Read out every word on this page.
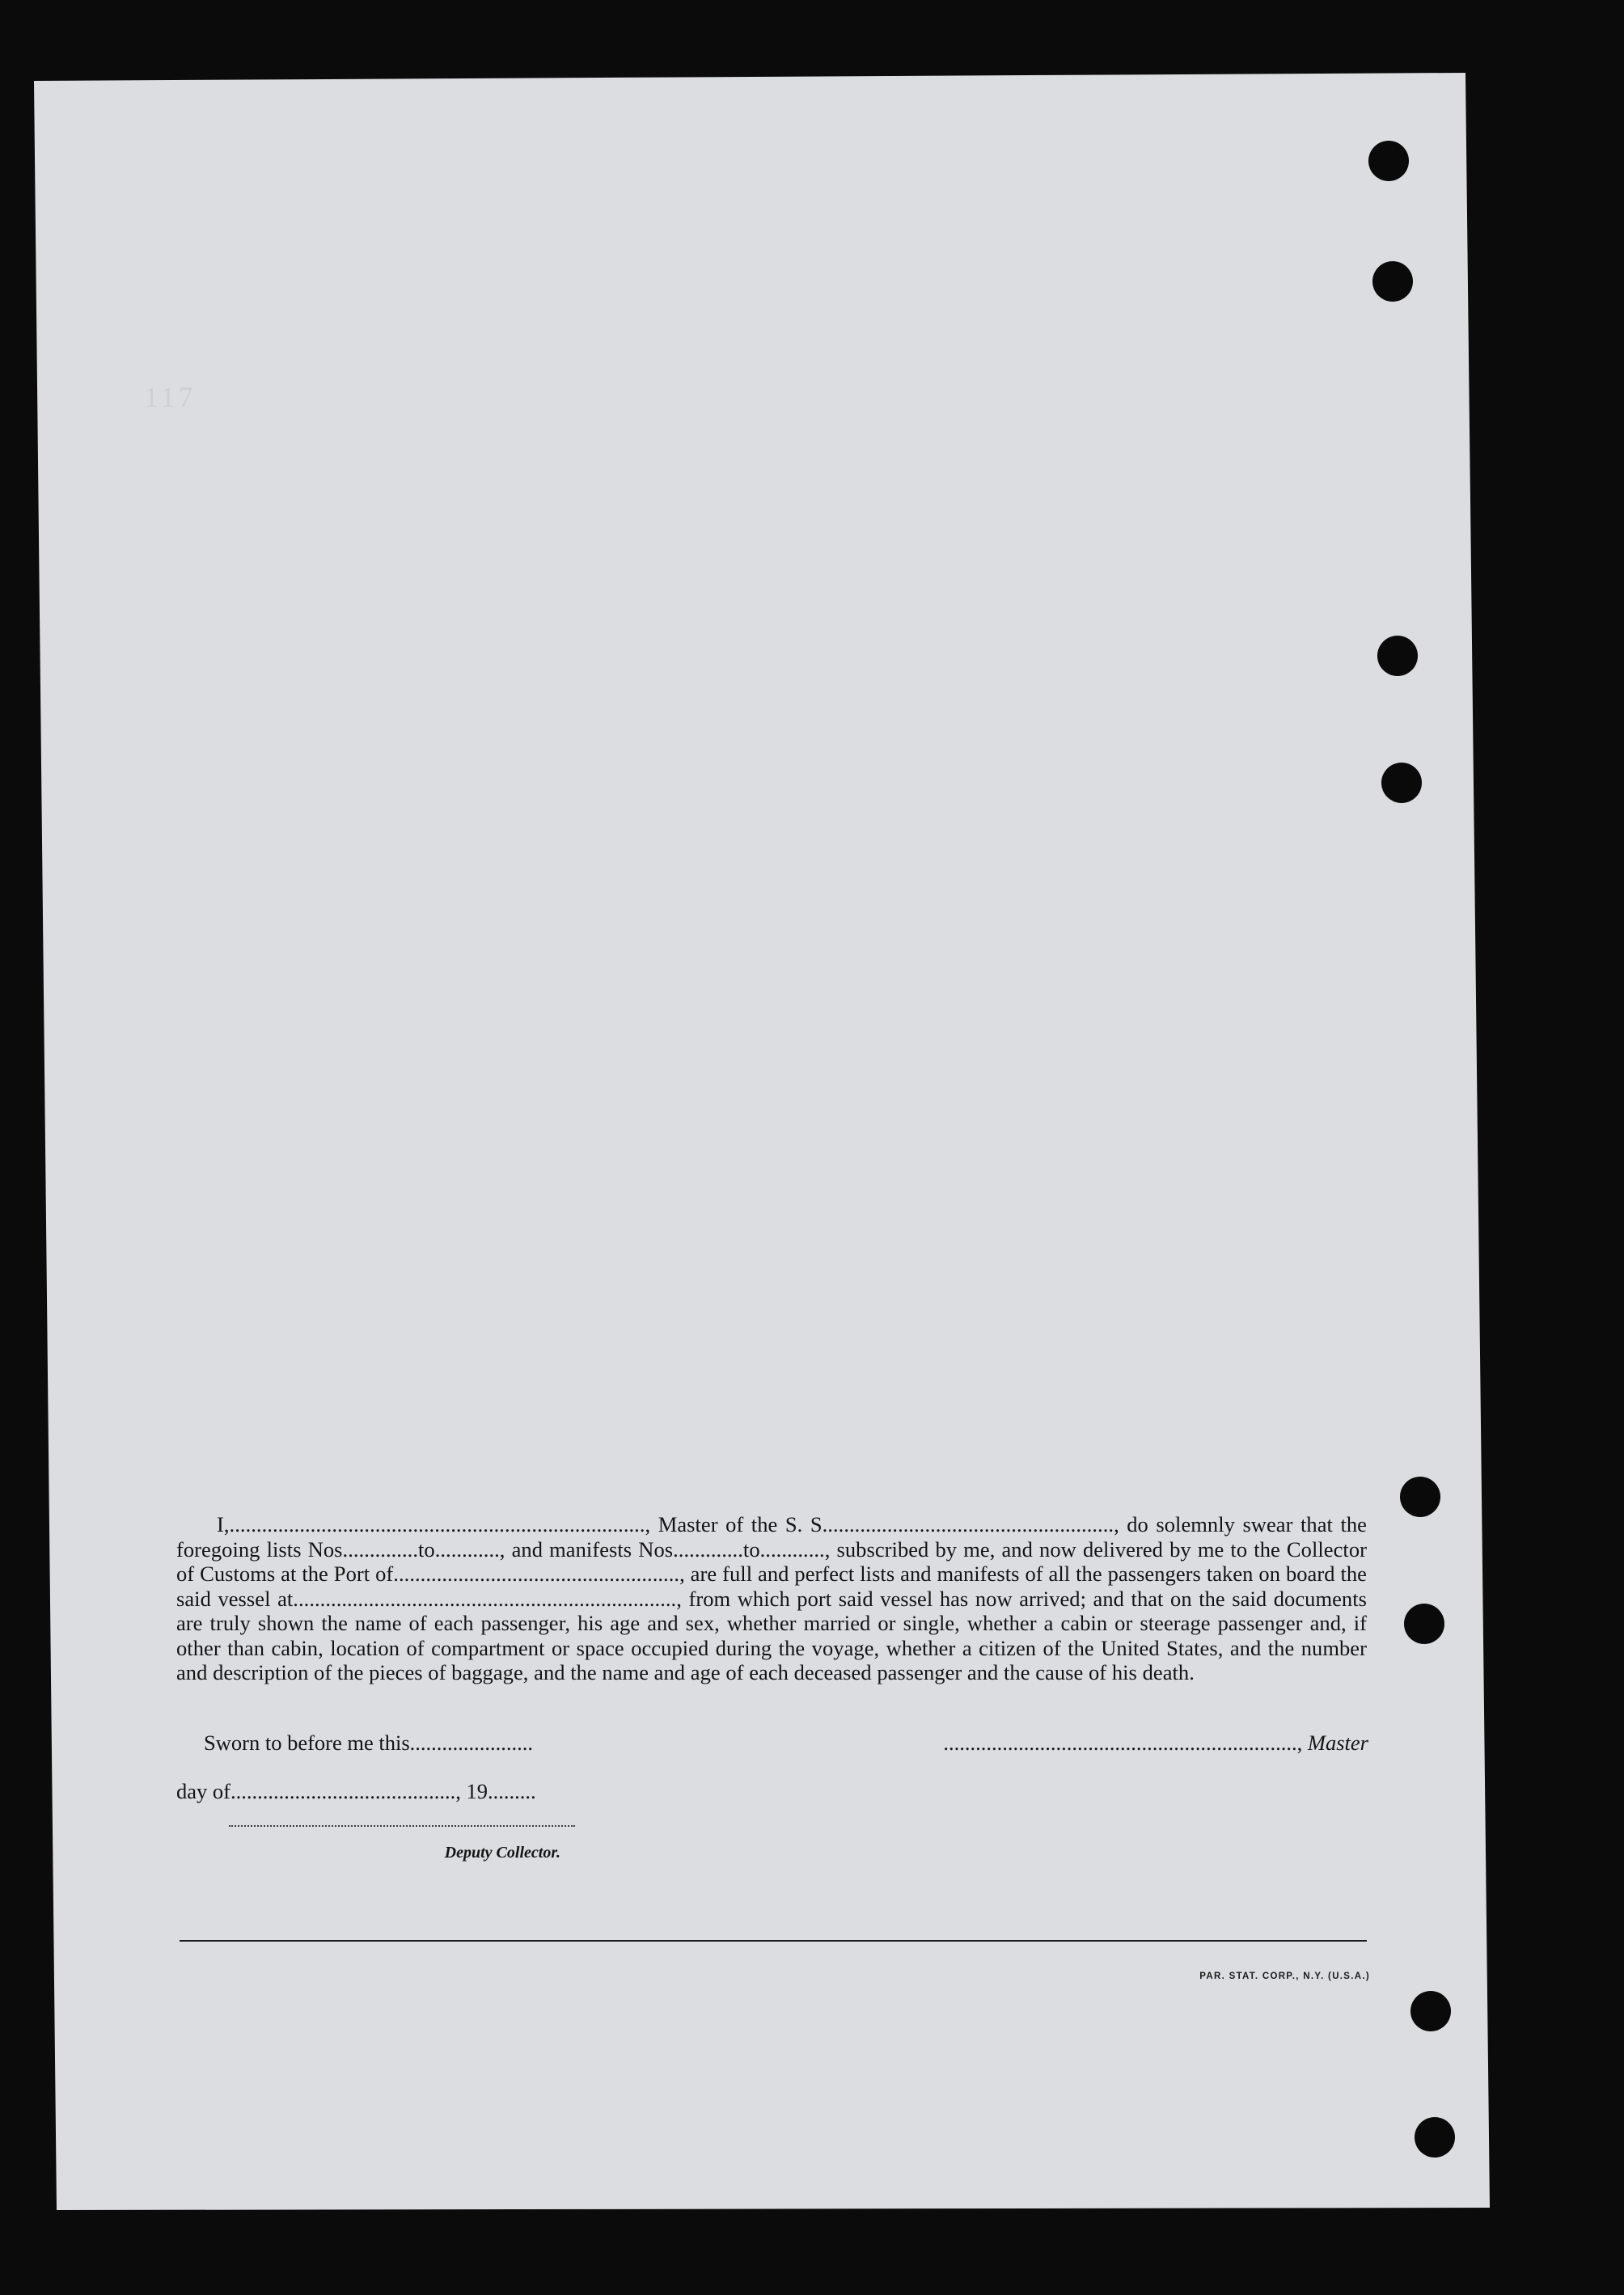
117
I,............................................................................., Master of the S. S......................................................, do solemnly swear that the foregoing lists Nos..............to............, and manifests Nos.............to............, subscribed by me, and now delivered by me to the Collector of Customs at the Port of....................................................., are full and perfect lists and manifests of all the passengers taken on board the said vessel at......................................................................., from which port said vessel has now arrived; and that on the said documents are truly shown the name of each passenger, his age and sex, whether married or single, whether a cabin or steerage passenger and, if other than cabin, location of compartment or space occupied during the voyage, whether a citizen of the United States, and the number and description of the pieces of baggage, and the name and age of each deceased passenger and the cause of his death.
Sworn to before me this.......................	.................................................................., Master
day of.........................................., 19.........
Deputy Collector.
PAR. STAT. CORP., N.Y. (U.S.A.)
